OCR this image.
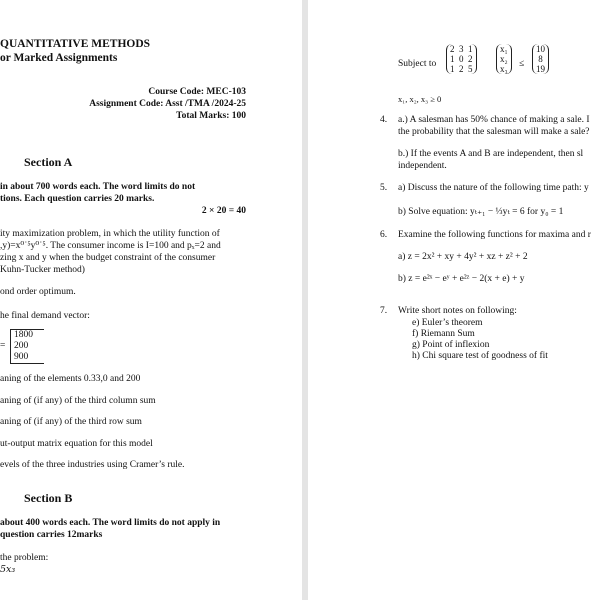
QUANTITATIVE METHODS
or Marked Assignments
Course Code: MEC-103
Assignment Code: Asst /TMA /2024-25
Total Marks: 100
Section A
in about 700 words each. The word limits do not
tions. Each question carries 20 marks.
2 × 20 = 40
ity maximization problem, in which the utility function of
,y)=x⁰˙⁵y⁰˙⁵. The consumer income is I=100 and pₓ=2 and
zing x and y when the budget constraint of the consumer
Kuhn-Tucker method)
ond order optimum.
he final demand vector:
=
1800
200
900
aning of the elements 0.33,0 and 200
aning of (if any) of the third column sum
aning of (if any) of the third row sum
ut-output matrix equation for this model
evels of the three industries using Cramer’s rule.
Section B
about 400 words each. The word limits do not apply in
question carries 12marks
the problem:
5x₃
Subject to
2 3 1
1 0 2
1 2 5
x₁
x₂
x₃ ≤
10
8
19
x₁, x₂, x₃ ≥ 0
4. a.) A salesman has 50% chance of making a sale. I
the probability that the salesman will make a sale?
b.) If the events A and B are independent, then sl
independent.
5. a) Discuss the nature of the following time path: y
b) Solve equation: yₜ₊₁ − ⅓yₜ = 6 for y₀ = 1
6. Examine the following functions for maxima and r
a) z = 2x² + xy + 4y² + xz + z² + 2
b) z = e²ˣ − eʸ + e²ᶻ − 2(x + e) + y
7. Write short notes on following:
e) Euler’s theorem
f) Riemann Sum
g) Point of inflexion
h) Chi square test of goodness of fit
